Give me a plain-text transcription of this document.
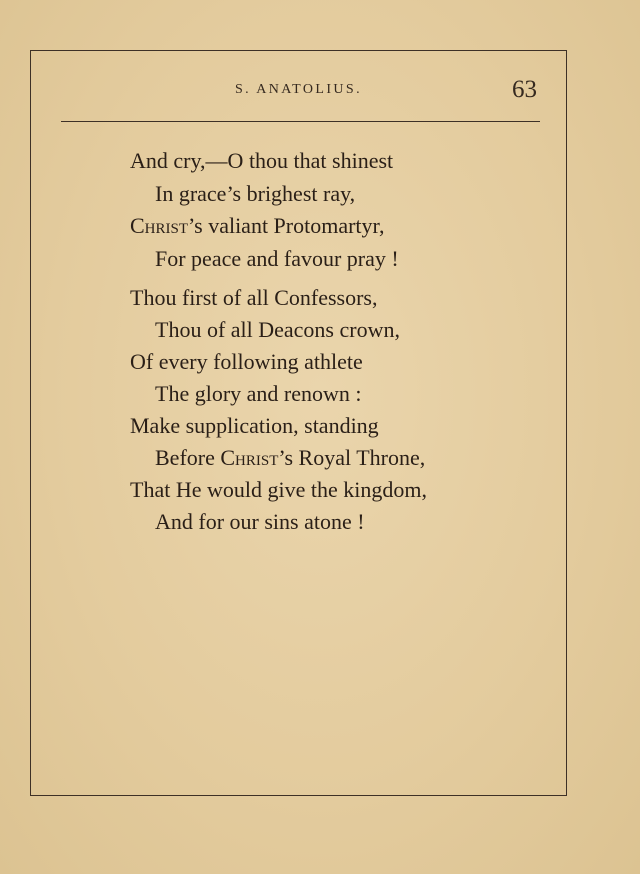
S. ANATOLIUS.	63
And cry,—O thou that shinest
In grace’s brighest ray,
Christ’s valiant Protomartyr,
For peace and favour pray !
Thou first of all Confessors,
Thou of all Deacons crown,
Of every following athlete
The glory and renown :
Make supplication, standing
Before Christ’s Royal Throne,
That He would give the kingdom,
And for our sins atone !
